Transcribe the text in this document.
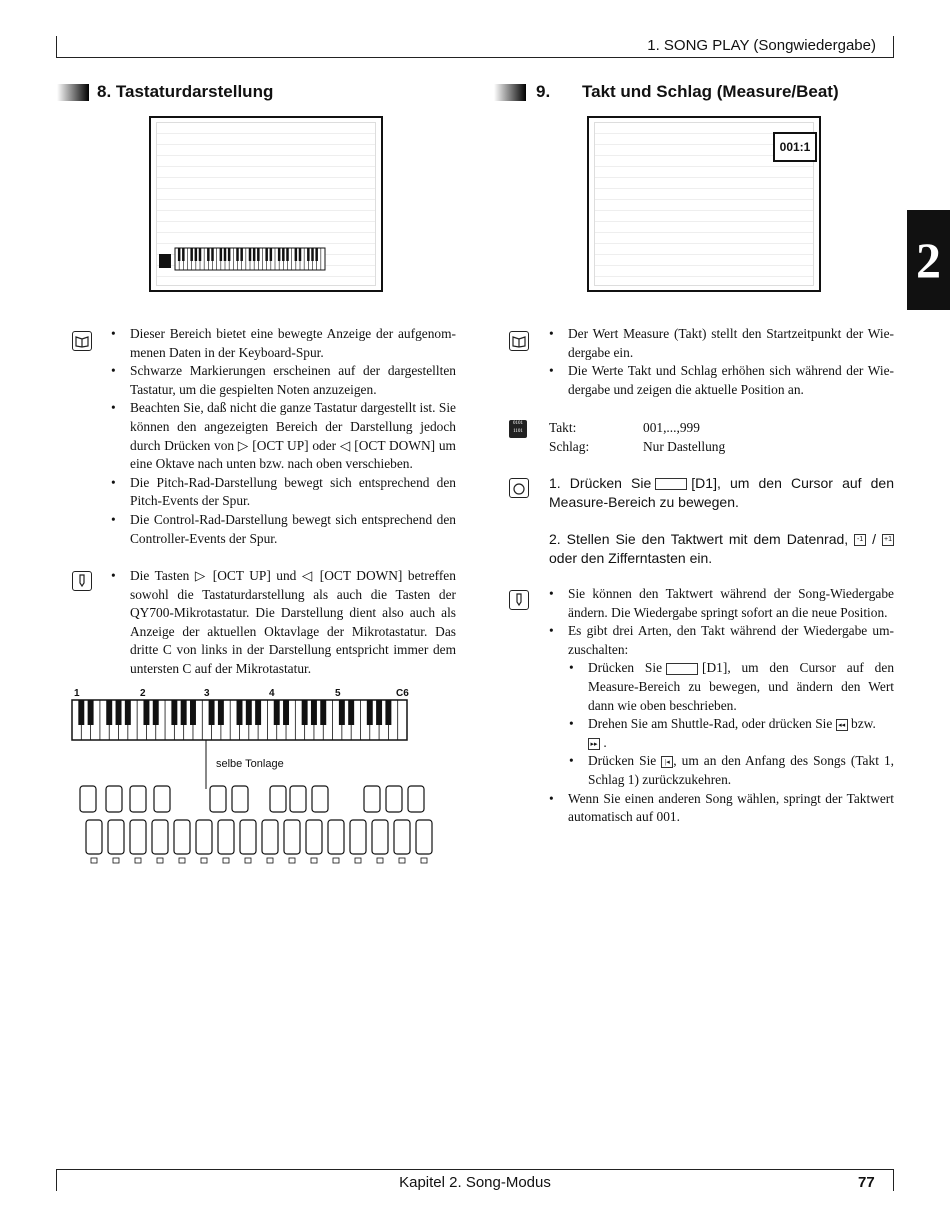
1. SONG PLAY (Songwiedergabe)
2
8. Tastaturdarstellung
• Dieser Bereich bietet eine bewegte Anzeige der aufgenommenen Daten in der Keyboard-Spur.
• Schwarze Markierungen erscheinen auf der dargestellten Tastatur, um die gespielten Noten anzuzeigen.
• Beachten Sie, daß nicht die ganze Tastatur dargestellt ist. Sie können den angezeigten Bereich der Darstellung jedoch durch Drücken von ▷ [OCT UP] oder ◁ [OCT DOWN] um eine Oktave nach unten bzw. nach oben verschieben.
• Die Pitch-Rad-Darstellung bewegt sich entsprechend den Pitch-Events der Spur.
• Die Control-Rad-Darstellung bewegt sich entsprechend den Controller-Events der Spur.
• Die Tasten ▷ [OCT UP] und ◁ [OCT DOWN] betreffen sowohl die Tastaturdarstellung als auch die Tasten der QY700-Mikrotastatur. Die Darstellung dient also auch als Anzeige der aktuellen Oktavlage der Mikrotastatur. Das dritte C von links in der Darstellung entspricht immer dem untersten C auf der Mikrotastatur.
1	2	3	4	5	C6
selbe Tonlage
9. Takt und Schlag (Measure/Beat)
001:1
• Der Wert Measure (Takt) stellt den Startzeitpunkt der Wiedergabe ein.
• Die Werte Takt und Schlag erhöhen sich während der Wiedergabe und zeigen die aktuelle Position an.
0101
1101	Takt:	001,...,999
Schlag:	Nur Dastellung
1. Drücken Sie	[D1], um den Cursor auf den Measure-Bereich zu bewegen.
2. Stellen Sie den Taktwert mit dem Datenrad, -1 / +1 oder den Zifferntasten ein.
• Sie können den Taktwert während der Song-Wiedergabe ändern. Die Wiedergabe springt sofort an die neue Position.
• Es gibt drei Arten, den Takt während der Wiedergabe umzuschalten:
• Drücken Sie	[D1], um den Cursor auf den Measure-Bereich zu bewegen, und ändern den Wert dann wie oben beschrieben.
• Drehen Sie am Shuttle-Rad, oder drücken Sie ◂◂ bzw.
▸▸ .
• Drücken Sie |◂ , um an den Anfang des Songs (Takt 1, Schlag 1) zurückzukehren.
• Wenn Sie einen anderen Song wählen, springt der Taktwert automatisch auf 001.
Kapitel 2. Song-Modus	77
